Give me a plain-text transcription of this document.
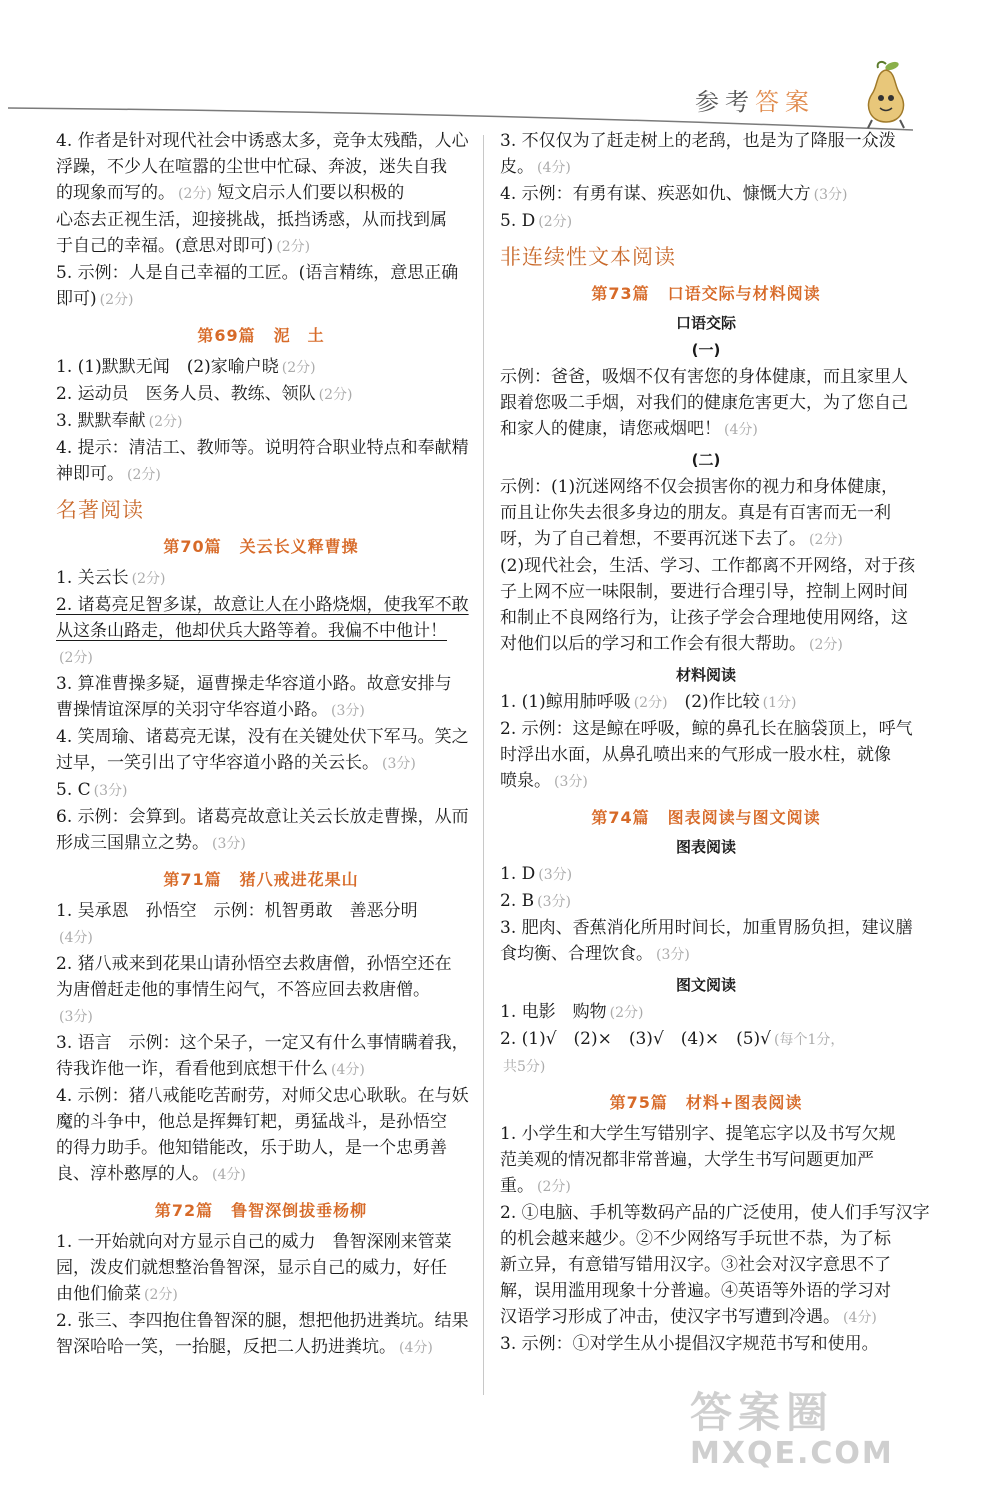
参考答案
4. 作者是针对现代社会中诱惑太多，竞争太残酷，人心
浮躁，不少人在喧嚣的尘世中忙碌、奔波，迷失自我
的现象而写的。 (2分) 短文启示人们要以积极的
心态去正视生活，迎接挑战，抵挡诱惑，从而找到属
于自己的幸福。(意思对即可) (2分)
5. 示例：人是自己幸福的工匠。(语言精练，意思正确
即可) (2分)
第69篇 泥　土
1. (1)默默无闻　(2)家喻户晓 (2分)
2. 运动员　医务人员、教练、领队 (2分)
3. 默默奉献 (2分)
4. 提示：清洁工、教师等。说明符合职业特点和奉献精
神即可。 (2分)
名著阅读
第70篇 关云长义释曹操
1. 关云长 (2分)
2. 诸葛亮足智多谋，故意让人在小路烧烟，使我军不敢
从这条山路走，他却伏兵大路等着。我偏不中他计！
(2分)
3. 算准曹操多疑，逼曹操走华容道小路。故意安排与
曹操情谊深厚的关羽守华容道小路。 (3分)
4. 笑周瑜、诸葛亮无谋，没有在关键处伏下军马。笑之
过早，一笑引出了守华容道小路的关云长。 (3分)
5. C (3分)
6. 示例：会算到。诸葛亮故意让关云长放走曹操，从而
形成三国鼎立之势。 (3分)
第71篇 猪八戒进花果山
1. 吴承恩　孙悟空　示例：机智勇敢　善恶分明
(4分)
2. 猪八戒来到花果山请孙悟空去救唐僧，孙悟空还在
为唐僧赶走他的事情生闷气，不答应回去救唐僧。
(3分)
3. 语言　示例：这个呆子，一定又有什么事情瞒着我，
待我诈他一诈，看看他到底想干什么 (4分)
4. 示例：猪八戒能吃苦耐劳，对师父忠心耿耿。在与妖
魔的斗争中，他总是挥舞钉耙，勇猛战斗，是孙悟空
的得力助手。他知错能改，乐于助人，是一个忠勇善
良、淳朴憨厚的人。 (4分)
第72篇 鲁智深倒拔垂杨柳
1. 一开始就向对方显示自己的威力　鲁智深刚来管菜
园，泼皮们就想整治鲁智深，显示自己的威力，好任
由他们偷菜 (2分)
2. 张三、李四抱住鲁智深的腿，想把他扔进粪坑。结果
智深哈哈一笑，一抬腿，反把二人扔进粪坑。 (4分)
3. 不仅仅为了赶走树上的老鸹，也是为了降服一众泼
皮。 (4分)
4. 示例：有勇有谋、疾恶如仇、慷慨大方 (3分)
5. D (2分)
非连续性文本阅读
第73篇 口语交际与材料阅读
口语交际
(一)
示例：爸爸，吸烟不仅有害您的身体健康，而且家里人
跟着您吸二手烟，对我们的健康危害更大，为了您自己
和家人的健康，请您戒烟吧！ (4分)
(二)
示例：(1)沉迷网络不仅会损害你的视力和身体健康，
而且让你失去很多身边的朋友。真是有百害而无一利
呀，为了自己着想，不要再沉迷下去了。 (2分)
(2)现代社会，生活、学习、工作都离不开网络，对于孩
子上网不应一味限制，要进行合理引导，控制上网时间
和制止不良网络行为，让孩子学会合理地使用网络，这
对他们以后的学习和工作会有很大帮助。 (2分)
材料阅读
1. (1)鲸用肺呼吸 (2分)　(2)作比较 (1分)
2. 示例：这是鲸在呼吸，鲸的鼻孔长在脑袋顶上，呼气
时浮出水面，从鼻孔喷出来的气形成一股水柱，就像
喷泉。 (3分)
第74篇 图表阅读与图文阅读
图表阅读
1. D (3分)
2. B (3分)
3. 肥肉、香蕉消化所用时间长，加重胃肠负担，建议膳
食均衡、合理饮食。 (3分)
图文阅读
1. 电影　购物 (2分)
2. (1)√　(2)×　(3)√　(4)×　(5)√ (每个1分，
共5分)
第75篇 材料+图表阅读
1. 小学生和大学生写错别字、提笔忘字以及书写欠规
范美观的情况都非常普遍，大学生书写问题更加严
重。 (2分)
2. ①电脑、手机等数码产品的广泛使用，使人们手写汉字
的机会越来越少。②不少网络写手玩世不恭，为了标
新立异，有意错写错用汉字。③社会对汉字意思不了
解，误用滥用现象十分普遍。④英语等外语的学习对
汉语学习形成了冲击，使汉字书写遭到冷遇。 (4分)
3. 示例：①对学生从小提倡汉字规范书写和使用。
答案圈
MXQE.COM
